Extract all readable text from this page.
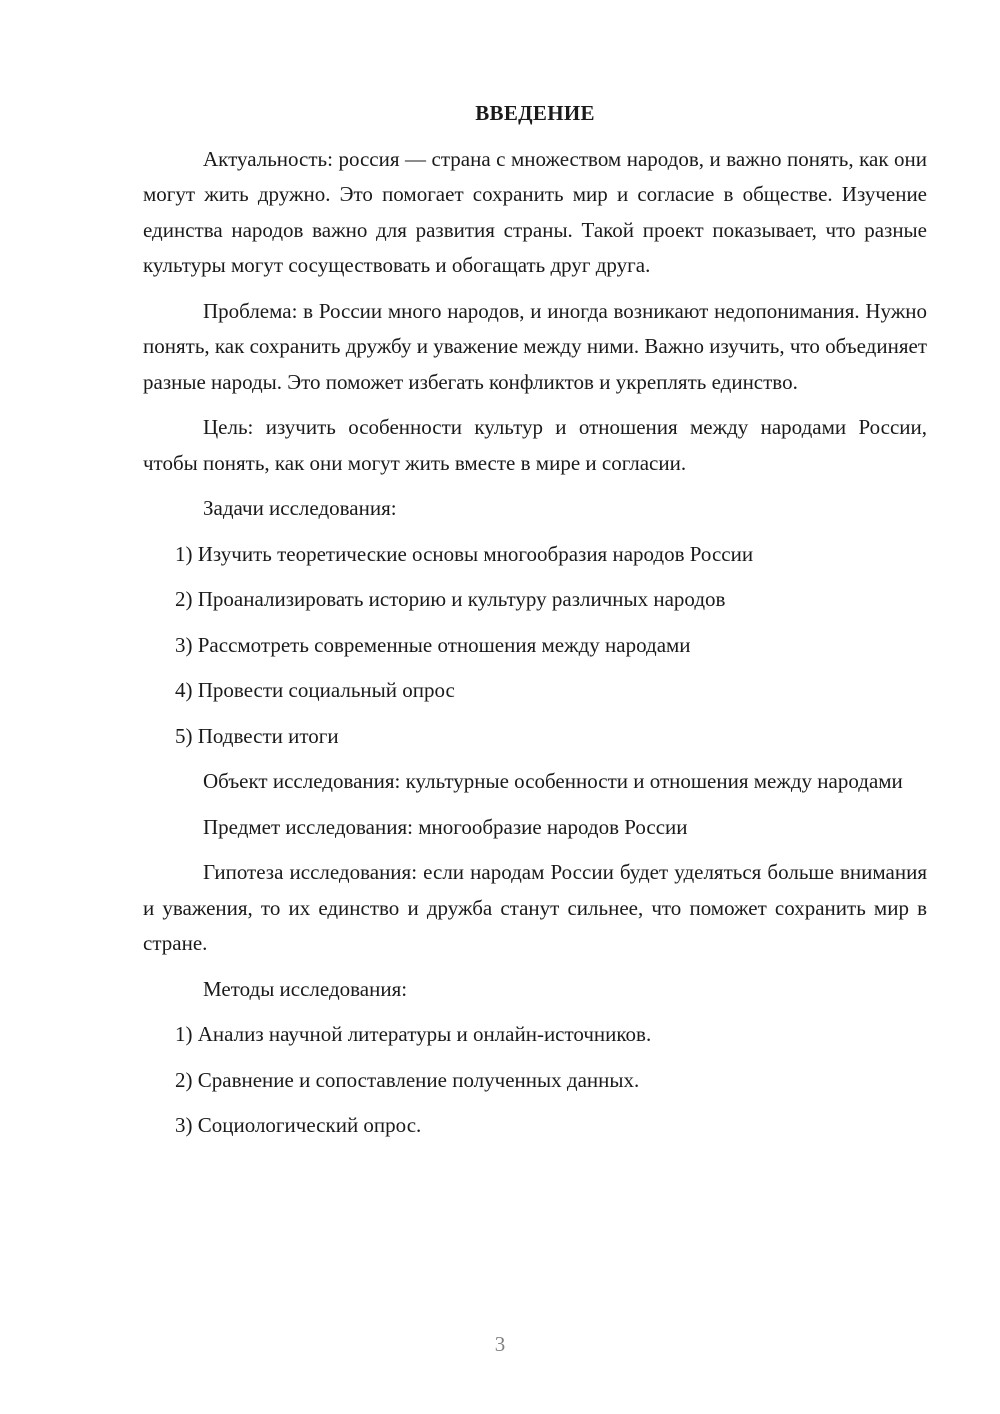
ВВЕДЕНИЕ

Актуальность: россия — страна с множеством народов, и важно понять, как они могут жить дружно. Это помогает сохранить мир и согласие в обществе. Изучение единства народов важно для развития страны. Такой проект показывает, что разные культуры могут сосуществовать и обогащать друг друга.

Проблема: в России много народов, и иногда возникают недопонимания. Нужно понять, как сохранить дружбу и уважение между ними. Важно изучить, что объединяет разные народы. Это поможет избегать конфликтов и укреплять единство.

Цель: изучить особенности культур и отношения между народами России, чтобы понять, как они могут жить вместе в мире и согласии.

Задачи исследования:

1) Изучить теоретические основы многообразия народов России
2) Проанализировать историю и культуру различных народов
3) Рассмотреть современные отношения между народами
4) Провести социальный опрос
5) Подвести итоги

Объект исследования: культурные особенности и отношения между народами

Предмет исследования: многообразие народов России

Гипотеза исследования: если народам России будет уделяться больше внимания и уважения, то их единство и дружба станут сильнее, что поможет сохранить мир в стране.

Методы исследования:

1) Анализ научной литературы и онлайн-источников.
2) Сравнение и сопоставление полученных данных.
3) Социологический опрос.
3
